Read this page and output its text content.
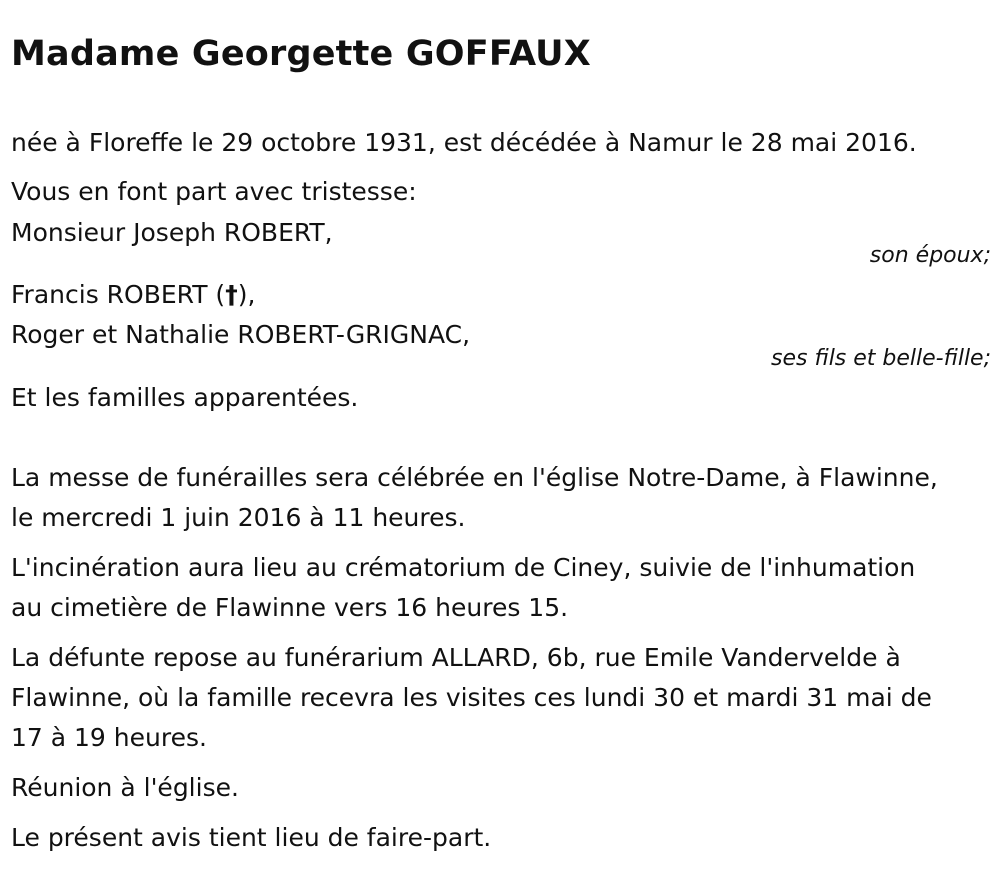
Madame Georgette GOFFAUX
née à Floreffe le 29 octobre 1931, est décédée à Namur le 28 mai 2016.
Vous en font part avec tristesse:
Monsieur Joseph ROBERT,
son époux;
Francis ROBERT (†),
Roger et Nathalie ROBERT-GRIGNAC,
ses fils et belle-fille;
Et les familles apparentées.
La messe de funérailles sera célébrée en l'église Notre-Dame, à Flawinne,
le mercredi 1 juin 2016 à 11 heures.
L'incinération aura lieu au crématorium de Ciney, suivie de l'inhumation
au cimetière de Flawinne vers 16 heures 15.
La défunte repose au funérarium ALLARD, 6b, rue Emile Vandervelde à
Flawinne, où la famille recevra les visites ces lundi 30 et mardi 31 mai de
17 à 19 heures.
Réunion à l'église.
Le présent avis tient lieu de faire-part.
